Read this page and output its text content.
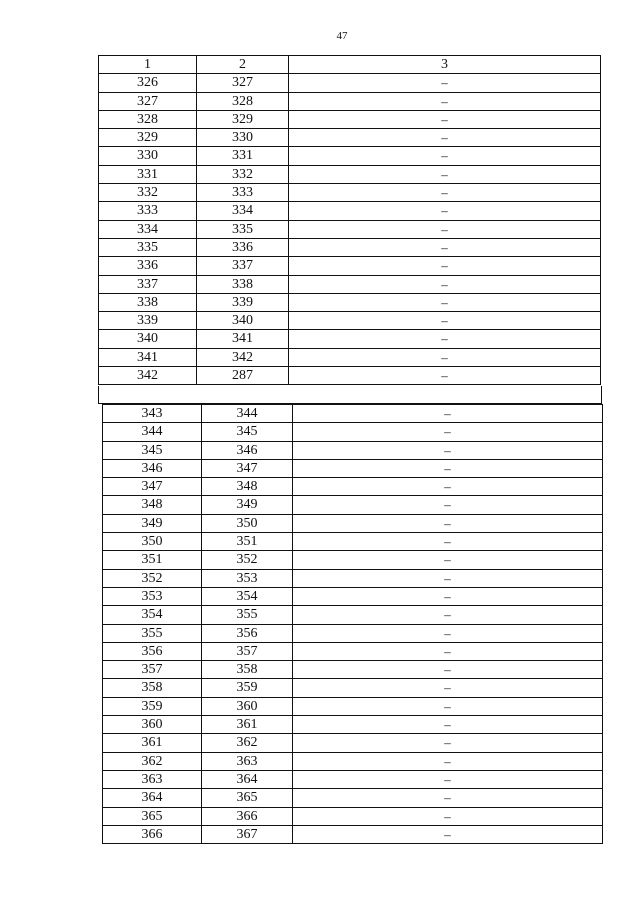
47
1	2	3
326	327	–
327	328	–
328	329	–
329	330	–
330	331	–
331	332	–
332	333	–
333	334	–
334	335	–
335	336	–
336	337	–
337	338	–
338	339	–
339	340	–
340	341	–
341	342	–
342	287	–
343	344	–
344	345	–
345	346	–
346	347	–
347	348	–
348	349	–
349	350	–
350	351	–
351	352	–
352	353	–
353	354	–
354	355	–
355	356	–
356	357	–
357	358	–
358	359	–
359	360	–
360	361	–
361	362	–
362	363	–
363	364	–
364	365	–
365	366	–
366	367	–
